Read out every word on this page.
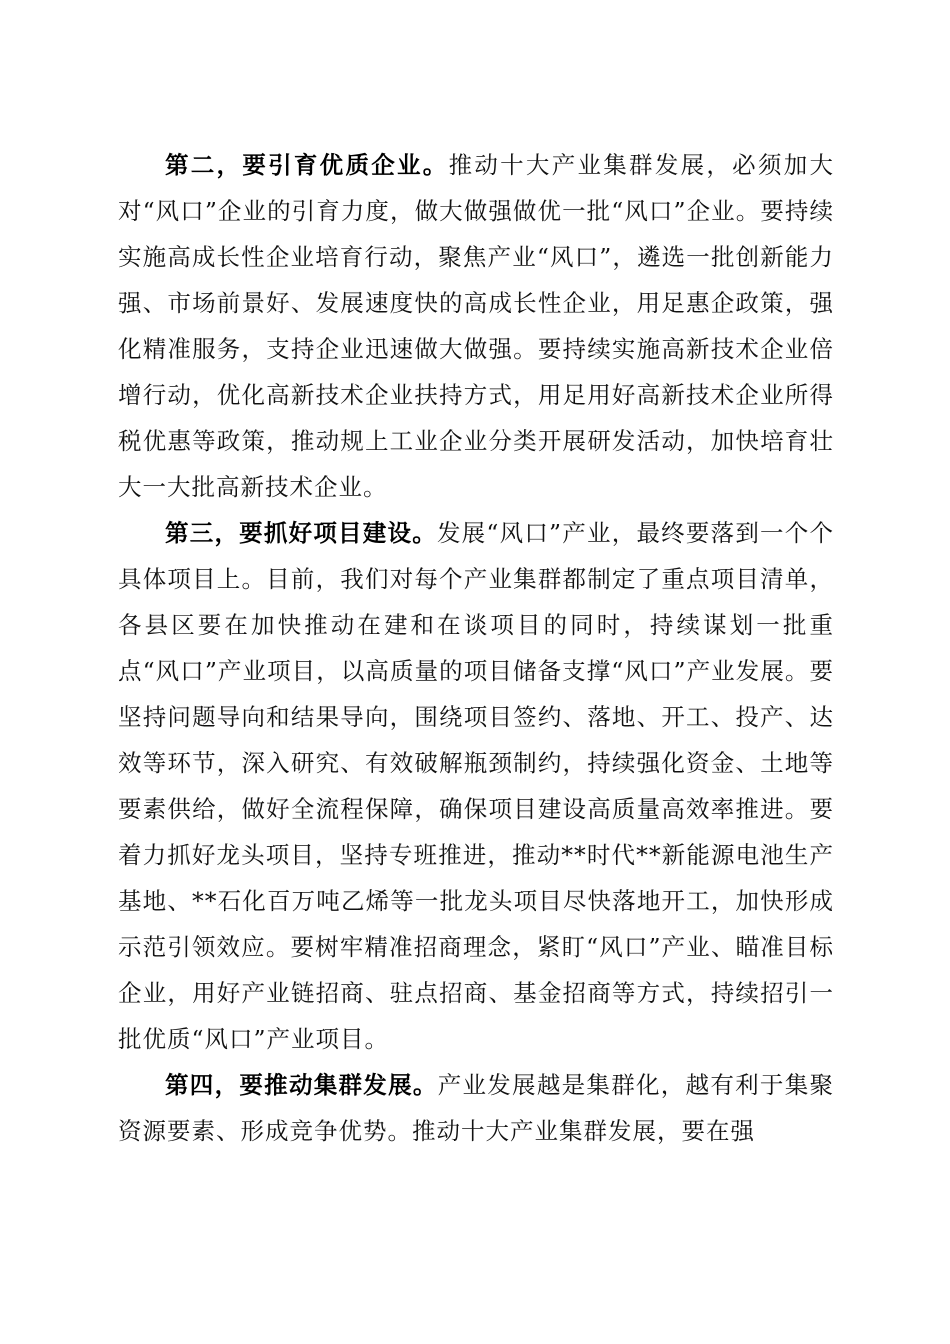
第二，要引育优质企业。推动十大产业集群发展，必须加大对“风口”企业的引育力度，做大做强做优一批“风口”企业。要持续实施高成长性企业培育行动，聚焦产业“风口”，遴选一批创新能力强、市场前景好、发展速度快的高成长性企业，用足惠企政策，强化精准服务，支持企业迅速做大做强。要持续实施高新技术企业倍增行动，优化高新技术企业扶持方式，用足用好高新技术企业所得税优惠等政策，推动规上工业企业分类开展研发活动，加快培育壮大一大批高新技术企业。

第三，要抓好项目建设。发展“风口”产业，最终要落到一个个具体项目上。目前，我们对每个产业集群都制定了重点项目清单，各县区要在加快推动在建和在谈项目的同时，持续谋划一批重点“风口”产业项目，以高质量的项目储备支撑“风口”产业发展。要坚持问题导向和结果导向，围绕项目签约、落地、开工、投产、达效等环节，深入研究、有效破解瓶颈制约，持续强化资金、土地等要素供给，做好全流程保障，确保项目建设高质量高效率推进。要着力抓好龙头项目，坚持专班推进，推动**时代**新能源电池生产基地、**石化百万吨乙烯等一批龙头项目尽快落地开工，加快形成示范引领效应。要树牢精准招商理念，紧盯“风口”产业、瞄准目标企业，用好产业链招商、驻点招商、基金招商等方式，持续招引一批优质“风口”产业项目。

第四，要推动集群发展。产业发展越是集群化，越有利于集聚资源要素、形成竞争优势。推动十大产业集群发展，要在强
